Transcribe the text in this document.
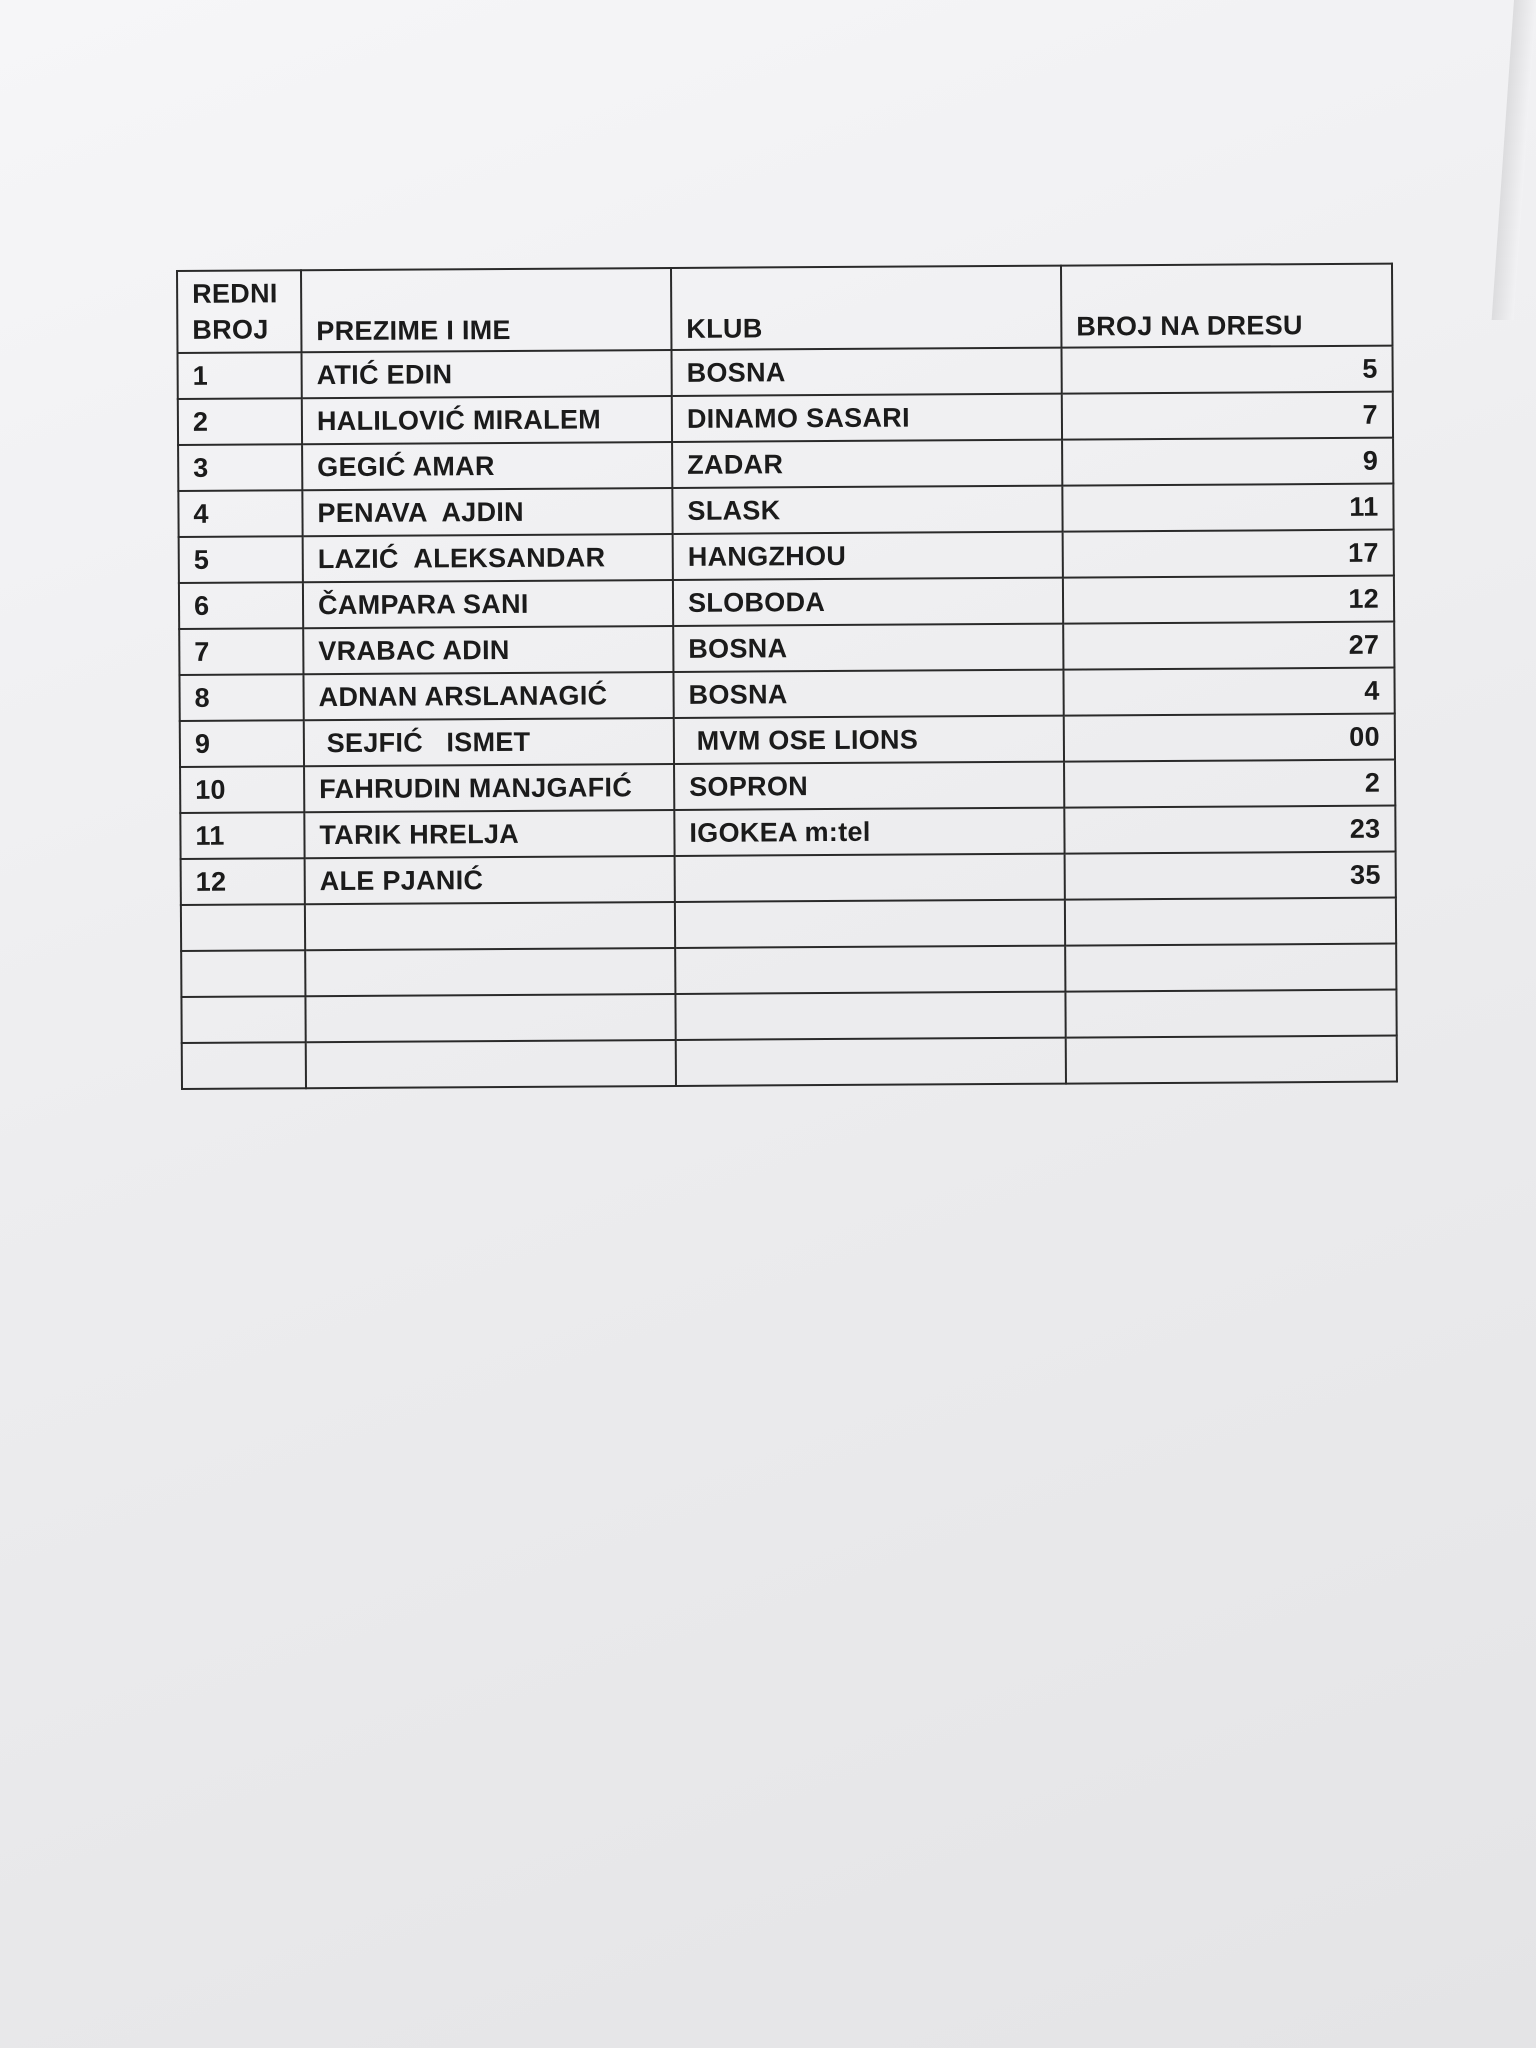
REDNI
BROJ	PREZIME I IME	KLUB	BROJ NA DRESU
1	ATIĆ EDIN	BOSNA	5
2	HALILOVIĆ MIRALEM	DINAMO SASARI	7
3	GEGIĆ AMAR	ZADAR	9
4	PENAVA  AJDIN	SLASK	11
5	LAZIĆ  ALEKSANDAR	HANGZHOU	17
6	ČAMPARA SANI	SLOBODA	12
7	VRABAC ADIN	BOSNA	27
8	ADNAN ARSLANAGIĆ	BOSNA	4
9	SEJFIĆ   ISMET	MVM OSE LIONS	00
10	FAHRUDIN MANJGAFIĆ	SOPRON	2
11	TARIK HRELJA	IGOKEA m:tel	23
12	ALE PJANIĆ		35
